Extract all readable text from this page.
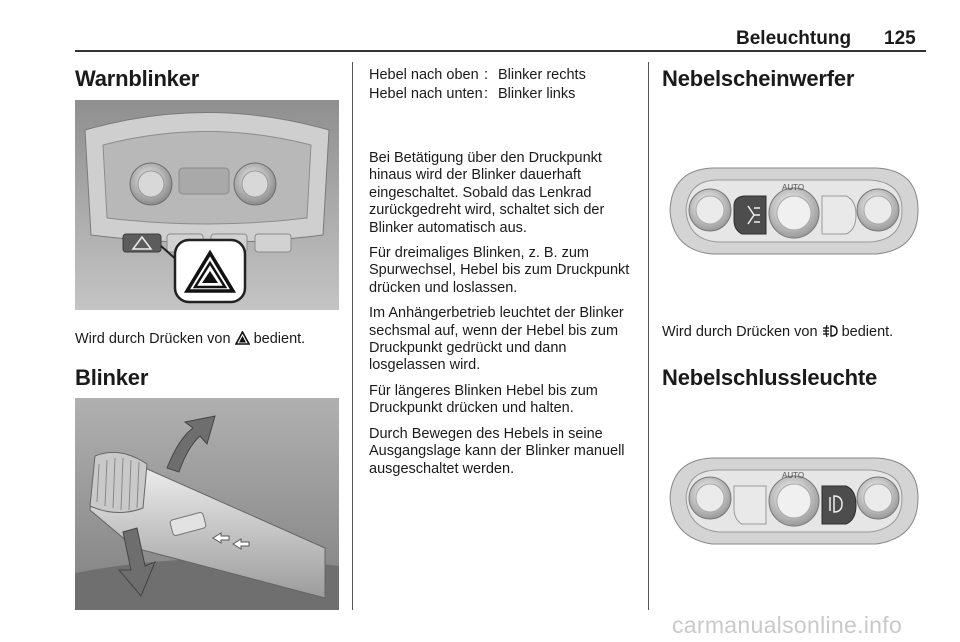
Beleuchtung 125
Warnblinker
Wird durch Drücken von bedient.
Blinker
Hebel nach oben : Blinker rechts
Hebel nach unten : Blinker links

Bei Betätigung über den Druckpunkt hinaus wird der Blinker dauerhaft eingeschaltet. Sobald das Lenkrad zurückgedreht wird, schaltet sich der Blinker automatisch aus.

Für dreimaliges Blinken, z. B. zum Spurwechsel, Hebel bis zum Druckpunkt drücken und loslassen.

Im Anhängerbetrieb leuchtet der Blinker sechsmal auf, wenn der Hebel bis zum Druckpunkt gedrückt und dann losgelassen wird.

Für längeres Blinken Hebel bis zum Druckpunkt drücken und halten.

Durch Bewegen des Hebels in seine Ausgangslage kann der Blinker manuell ausgeschaltet werden.

Nebelscheinwerfer
AUTO
Wird durch Drücken von bedient.
Nebelschlussleuchte
AUTO
carmanualsonline.info
